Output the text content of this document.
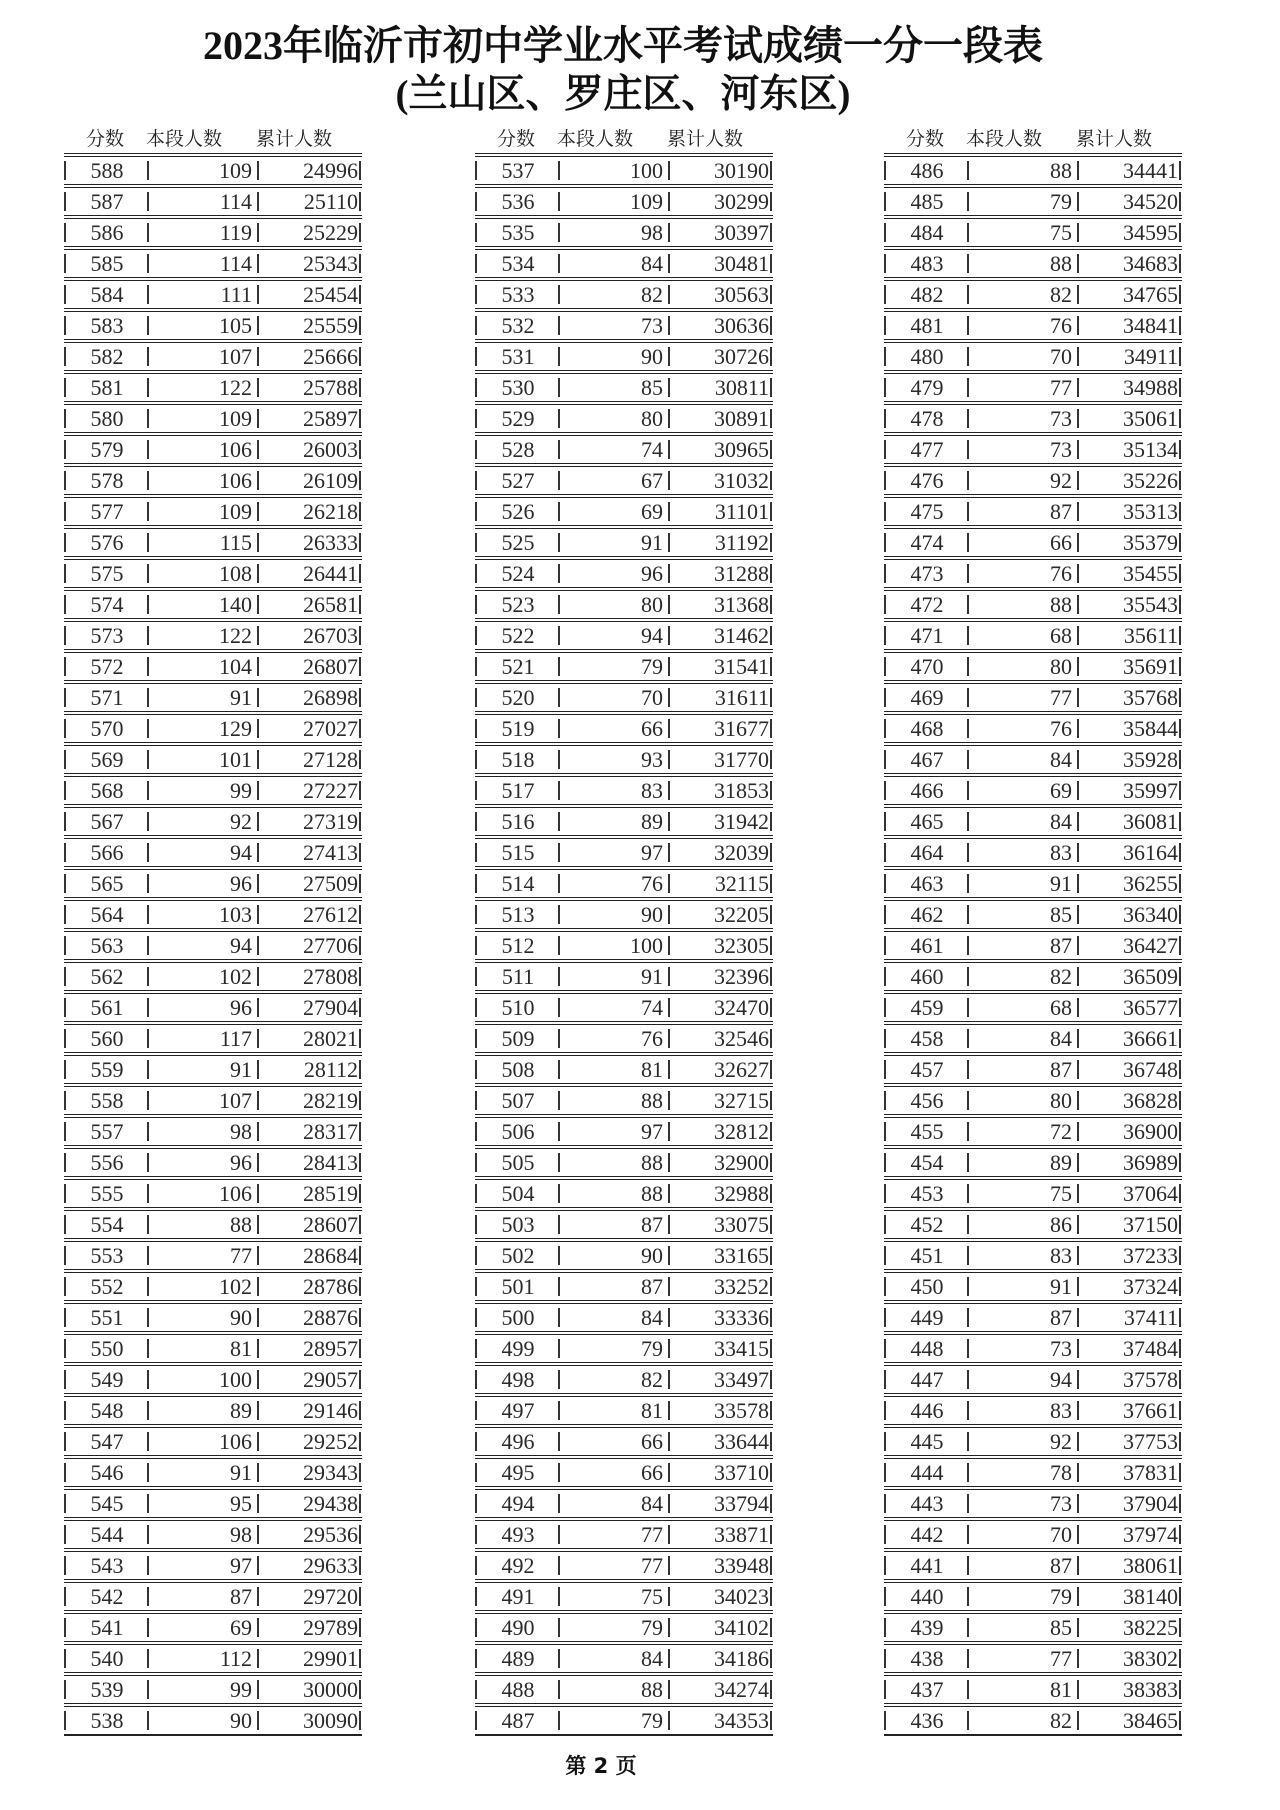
2023年临沂市初中学业水平考试成绩一分一段表
(兰山区、罗庄区、河东区)
分数 本段人数 累计人数
588	109	24996
587	114	25110
586	119	25229
585	114	25343
584	111	25454
583	105	25559
582	107	25666
581	122	25788
580	109	25897
579	106	26003
578	106	26109
577	109	26218
576	115	26333
575	108	26441
574	140	26581
573	122	26703
572	104	26807
571	91	26898
570	129	27027
569	101	27128
568	99	27227
567	92	27319
566	94	27413
565	96	27509
564	103	27612
563	94	27706
562	102	27808
561	96	27904
560	117	28021
559	91	28112
558	107	28219
557	98	28317
556	96	28413
555	106	28519
554	88	28607
553	77	28684
552	102	28786
551	90	28876
550	81	28957
549	100	29057
548	89	29146
547	106	29252
546	91	29343
545	95	29438
544	98	29536
543	97	29633
542	87	29720
541	69	29789
540	112	29901
539	99	30000
538	90	30090
分数 本段人数 累计人数
537	100	30190
536	109	30299
535	98	30397
534	84	30481
533	82	30563
532	73	30636
531	90	30726
530	85	30811
529	80	30891
528	74	30965
527	67	31032
526	69	31101
525	91	31192
524	96	31288
523	80	31368
522	94	31462
521	79	31541
520	70	31611
519	66	31677
518	93	31770
517	83	31853
516	89	31942
515	97	32039
514	76	32115
513	90	32205
512	100	32305
511	91	32396
510	74	32470
509	76	32546
508	81	32627
507	88	32715
506	97	32812
505	88	32900
504	88	32988
503	87	33075
502	90	33165
501	87	33252
500	84	33336
499	79	33415
498	82	33497
497	81	33578
496	66	33644
495	66	33710
494	84	33794
493	77	33871
492	77	33948
491	75	34023
490	79	34102
489	84	34186
488	88	34274
487	79	34353
分数 本段人数 累计人数
486	88	34441
485	79	34520
484	75	34595
483	88	34683
482	82	34765
481	76	34841
480	70	34911
479	77	34988
478	73	35061
477	73	35134
476	92	35226
475	87	35313
474	66	35379
473	76	35455
472	88	35543
471	68	35611
470	80	35691
469	77	35768
468	76	35844
467	84	35928
466	69	35997
465	84	36081
464	83	36164
463	91	36255
462	85	36340
461	87	36427
460	82	36509
459	68	36577
458	84	36661
457	87	36748
456	80	36828
455	72	36900
454	89	36989
453	75	37064
452	86	37150
451	83	37233
450	91	37324
449	87	37411
448	73	37484
447	94	37578
446	83	37661
445	92	37753
444	78	37831
443	73	37904
442	70	37974
441	87	38061
440	79	38140
439	85	38225
438	77	38302
437	81	38383
436	82	38465
第 2 页
